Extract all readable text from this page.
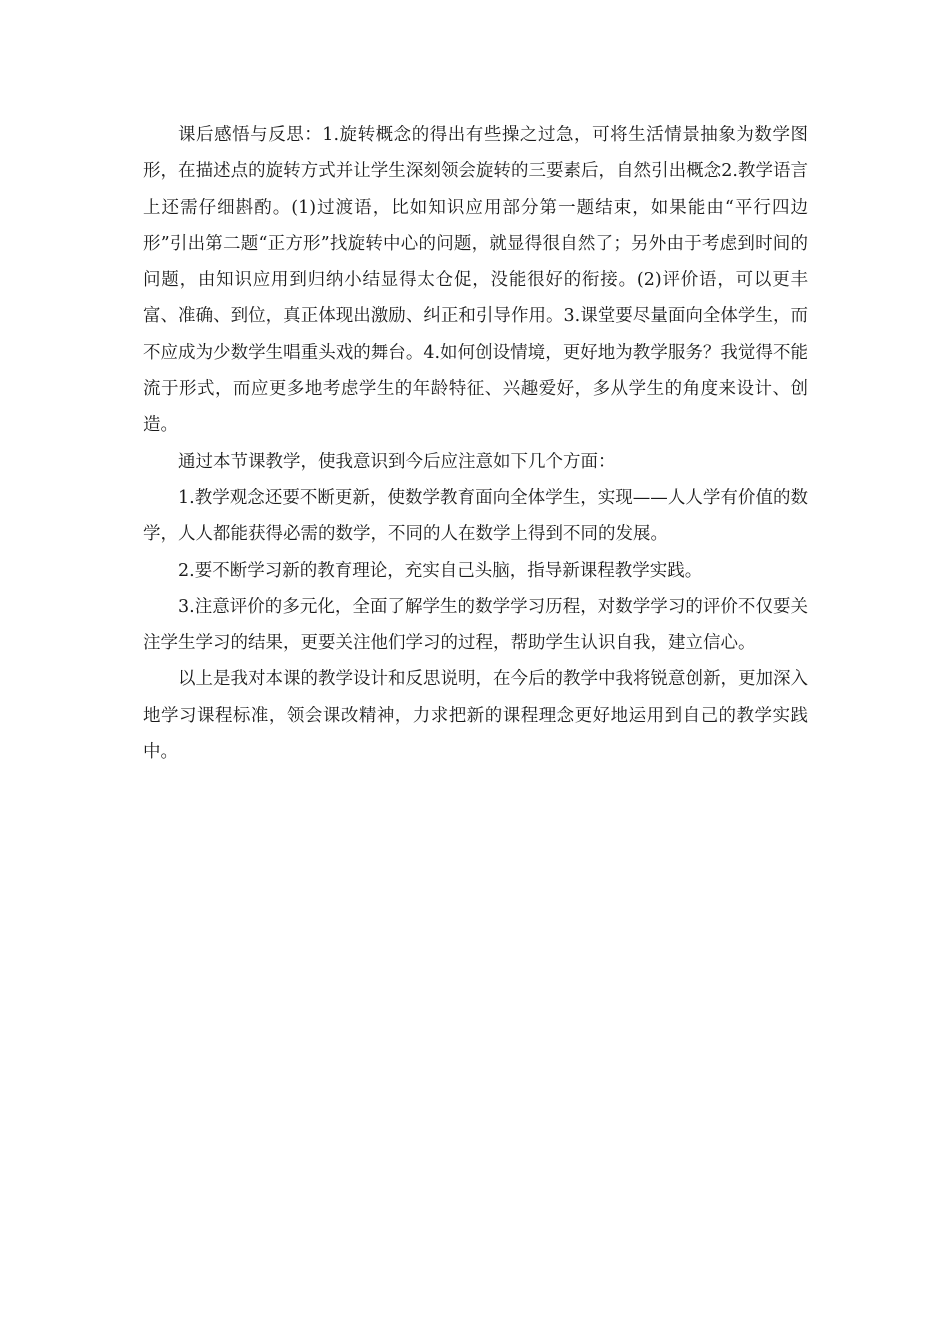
课后感悟与反思：1.旋转概念的得出有些操之过急，可将生活情景抽象为数学图形，在描述点的旋转方式并让学生深刻领会旋转的三要素后，自然引出概念2.教学语言上还需仔细斟酌。(1)过渡语，比如知识应用部分第一题结束，如果能由“平行四边形”引出第二题“正方形”找旋转中心的问题，就显得很自然了；另外由于考虑到时间的问题，由知识应用到归纳小结显得太仓促，没能很好的衔接。(2)评价语，可以更丰富、准确、到位，真正体现出激励、纠正和引导作用。3.课堂要尽量面向全体学生，而不应成为少数学生唱重头戏的舞台。4.如何创设情境，更好地为教学服务？我觉得不能流于形式，而应更多地考虑学生的年龄特征、兴趣爱好，多从学生的角度来设计、创造。

通过本节课教学，使我意识到今后应注意如下几个方面：

1.教学观念还要不断更新，使数学教育面向全体学生，实现——人人学有价值的数学，人人都能获得必需的数学，不同的人在数学上得到不同的发展。

2.要不断学习新的教育理论，充实自己头脑，指导新课程教学实践。

3.注意评价的多元化，全面了解学生的数学学习历程，对数学学习的评价不仅要关注学生学习的结果，更要关注他们学习的过程，帮助学生认识自我，建立信心。

以上是我对本课的教学设计和反思说明，在今后的教学中我将锐意创新，更加深入地学习课程标准，领会课改精神，力求把新的课程理念更好地运用到自己的教学实践中。
